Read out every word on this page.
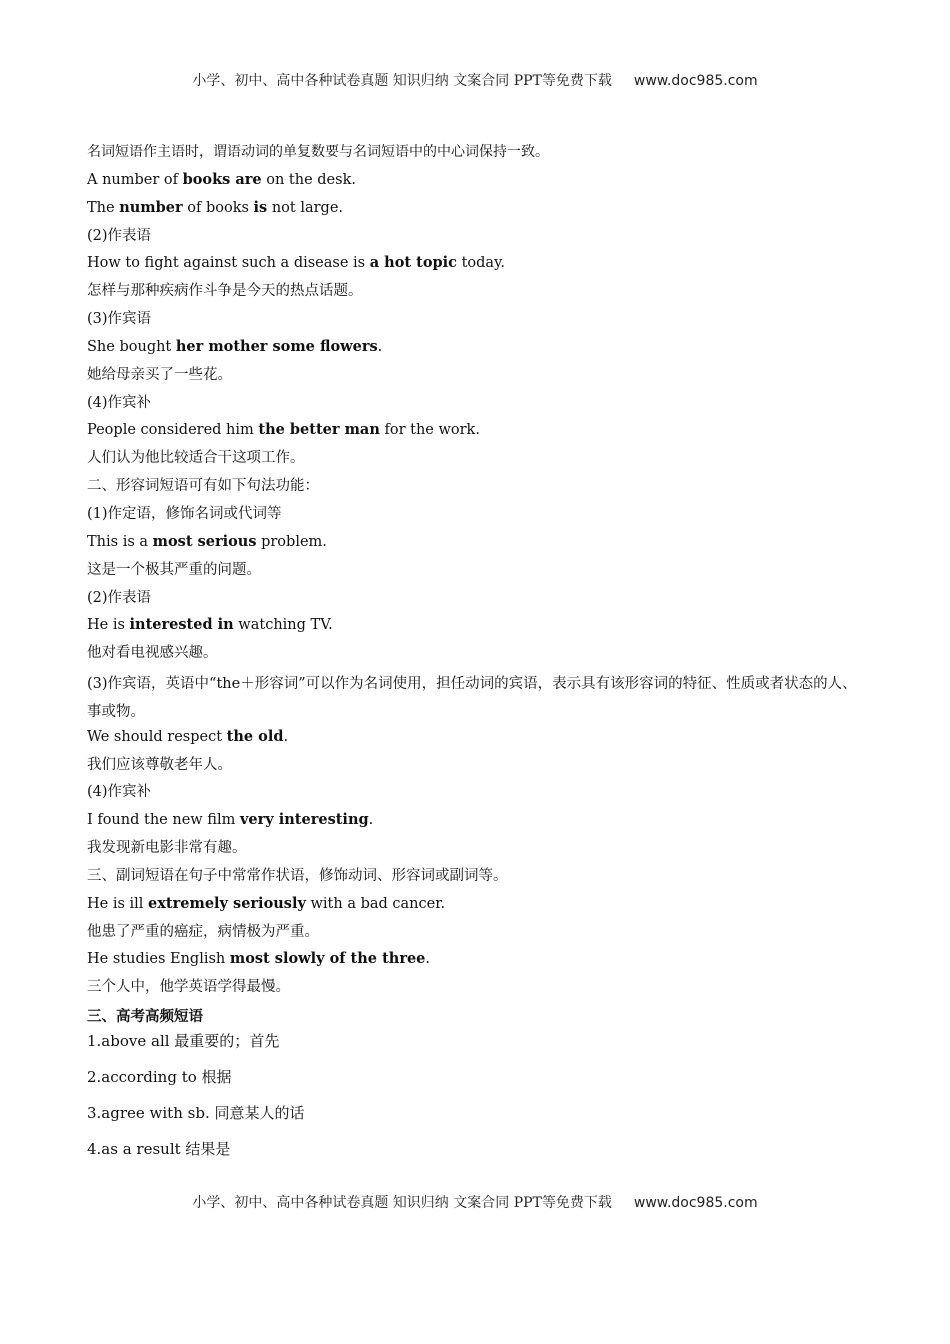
小学、初中、高中各种试卷真题 知识归纳 文案合同 PPT等免费下载 www.doc985.com
名词短语作主语时，谓语动词的单复数要与名词短语中的中心词保持一致。
A number of books are on the desk.
The number of books is not large.
(2)作表语
How to fight against such a disease is a hot topic today.
怎样与那种疾病作斗争是今天的热点话题。
(3)作宾语
She bought her mother some flowers.
她给母亲买了一些花。
(4)作宾补
People considered him the better man for the work.
人们认为他比较适合干这项工作。
二、形容词短语可有如下句法功能：
(1)作定语，修饰名词或代词等
This is a most serious problem.
这是一个极其严重的问题。
(2)作表语
He is interested in watching TV.
他对看电视感兴趣。
(3)作宾语，英语中“the＋形容词”可以作为名词使用，担任动词的宾语，表示具有该形容词的特征、性质或者状态的人、事或物。
We should respect the old.
我们应该尊敬老年人。
(4)作宾补
I found the new film very interesting.
我发现新电影非常有趣。
三、副词短语在句子中常常作状语，修饰动词、形容词或副词等。
He is ill extremely seriously with a bad cancer.
他患了严重的癌症，病情极为严重。
He studies English most slowly of the three.
三个人中，他学英语学得最慢。
三、高考高频短语
1.above all 最重要的；首先
2.according to 根据
3.agree with sb. 同意某人的话
4.as a result 结果是
小学、初中、高中各种试卷真题 知识归纳 文案合同 PPT等免费下载 www.doc985.com
